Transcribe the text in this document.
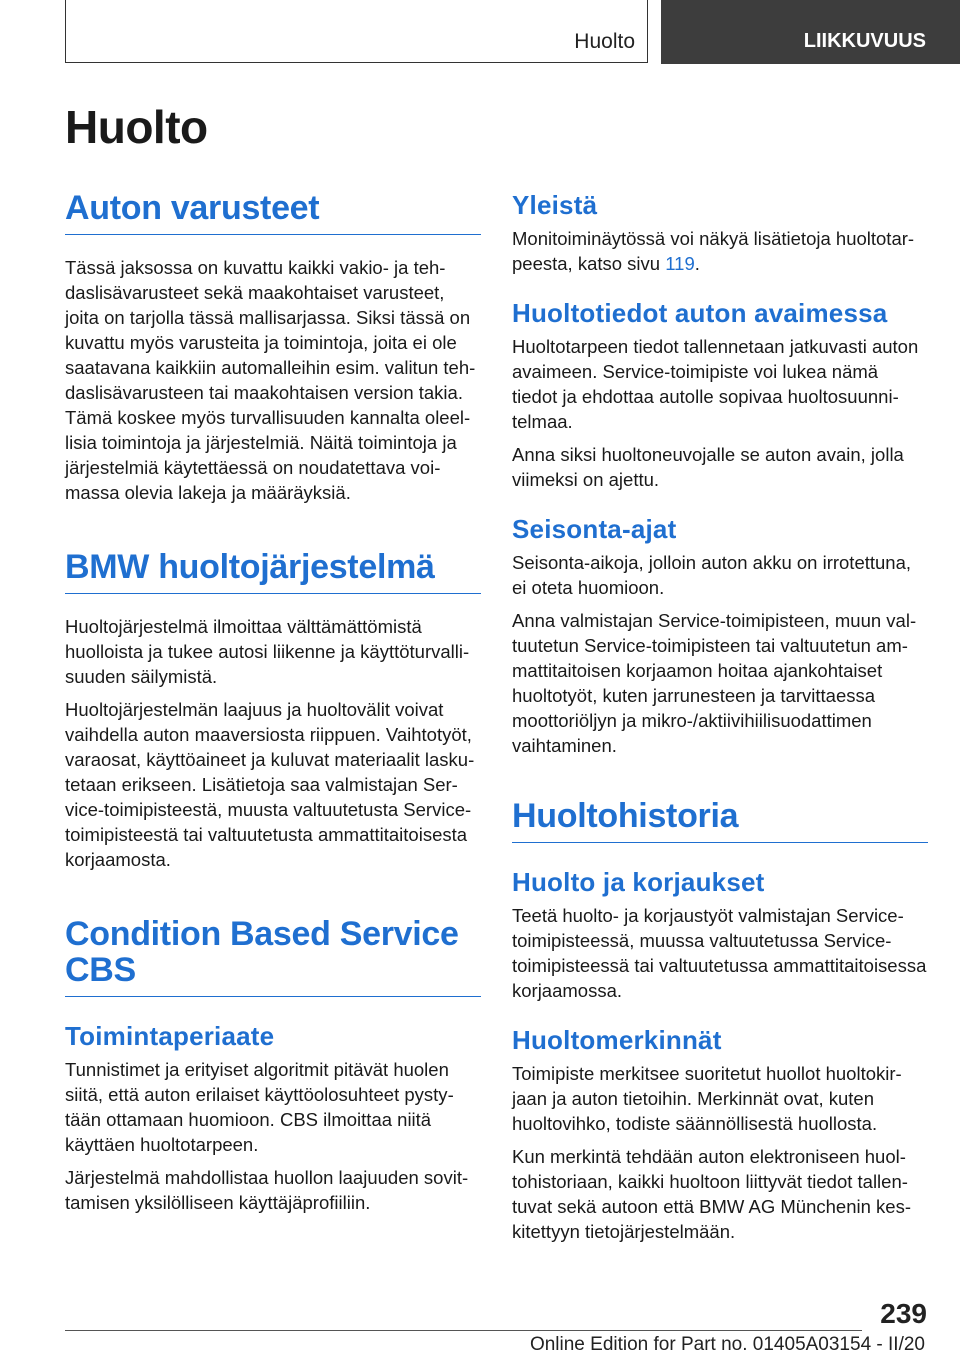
Huolto	LIIKKUVUUS
Huolto
Auton varusteet

Tässä jaksossa on kuvattu kaikki vakio- ja tehdaslisävarusteet sekä maakohtaiset varusteet, joita on tarjolla tässä mallisarjassa. Siksi tässä on kuvattu myös varusteita ja toimintoja, joita ei ole saatavana kaikkiin automalleihin esim. valitun tehdaslisävarusteen tai maakohtaisen version takia. Tämä koskee myös turvallisuuden kannalta oleellisia toimintoja ja järjestelmiä. Näitä toimintoja ja järjestelmiä käytettäessä on noudatettava voimassa olevia lakeja ja määräyksiä.

BMW huoltojärjestelmä

Huoltojärjestelmä ilmoittaa välttämättömistä huolloista ja tukee autosi liikenne ja käyttöturvallisuuden säilymistä.

Huoltojärjestelmän laajuus ja huoltovälit voivat vaihdella auton maaversiosta riippuen. Vaihtotyöt, varaosat, käyttöaineet ja kuluvat materiaalit laskutetaan erikseen. Lisätietoja saa valmistajan Service-toimipisteestä, muusta valtuutetusta Service-toimipisteestä tai valtuutetusta ammattitaitoisesta korjaamosta.

Condition Based Service CBS
Toimintaperiaate

Tunnistimet ja erityiset algoritmit pitävät huolen siitä, että auton erilaiset käyttöolosuhteet pystytään ottamaan huomioon. CBS ilmoittaa niitä käyttäen huoltotarpeen.

Järjestelmä mahdollistaa huollon laajuuden sovittamisen yksilölliseen käyttäjäprofiiliin.

Yleistä

Monitoiminäytössä voi näkyä lisätietoja huoltotarpeesta, katso sivu 119.

Huoltotiedot auton avaimessa

Huoltotarpeen tiedot tallennetaan jatkuvasti auton avaimeen. Service-toimipiste voi lukea nämä tiedot ja ehdottaa autolle sopivaa huoltosuunnitelmaa.

Anna siksi huoltoneuvojalle se auton avain, jolla viimeksi on ajettu.

Seisonta-ajat

Seisonta-aikoja, jolloin auton akku on irrotettuna, ei oteta huomioon.

Anna valmistajan Service-toimipisteen, muun valtuutetun Service-toimipisteen tai valtuutetun ammattitaitoisen korjaamon hoitaa ajankohtaiset huoltotyöt, kuten jarrunesteen ja tarvittaessa moottoriöljyn ja mikro-/aktiivihiilisuodattimen vaihtaminen.

Huoltohistoria
Huolto ja korjaukset

Teetä huolto- ja korjaustyöt valmistajan Service-toimipisteessä, muussa valtuutetussa Service-toimipisteessä tai valtuutetussa ammattitaitoisessa korjaamossa.

Huoltomerkinnät

Toimipiste merkitsee suoritetut huollot huoltokirjaan ja auton tietoihin. Merkinnät ovat, kuten huoltovihko, todiste säännöllisestä huollosta.

Kun merkintä tehdään auton elektroniseen huoltohistoriaan, kaikki huoltoon liittyvät tiedot tallentuvat sekä autoon että BMW AG Münchenin keskitettyyn tietojärjestelmään.

239
Online Edition for Part no. 01405A03154 - II/20
